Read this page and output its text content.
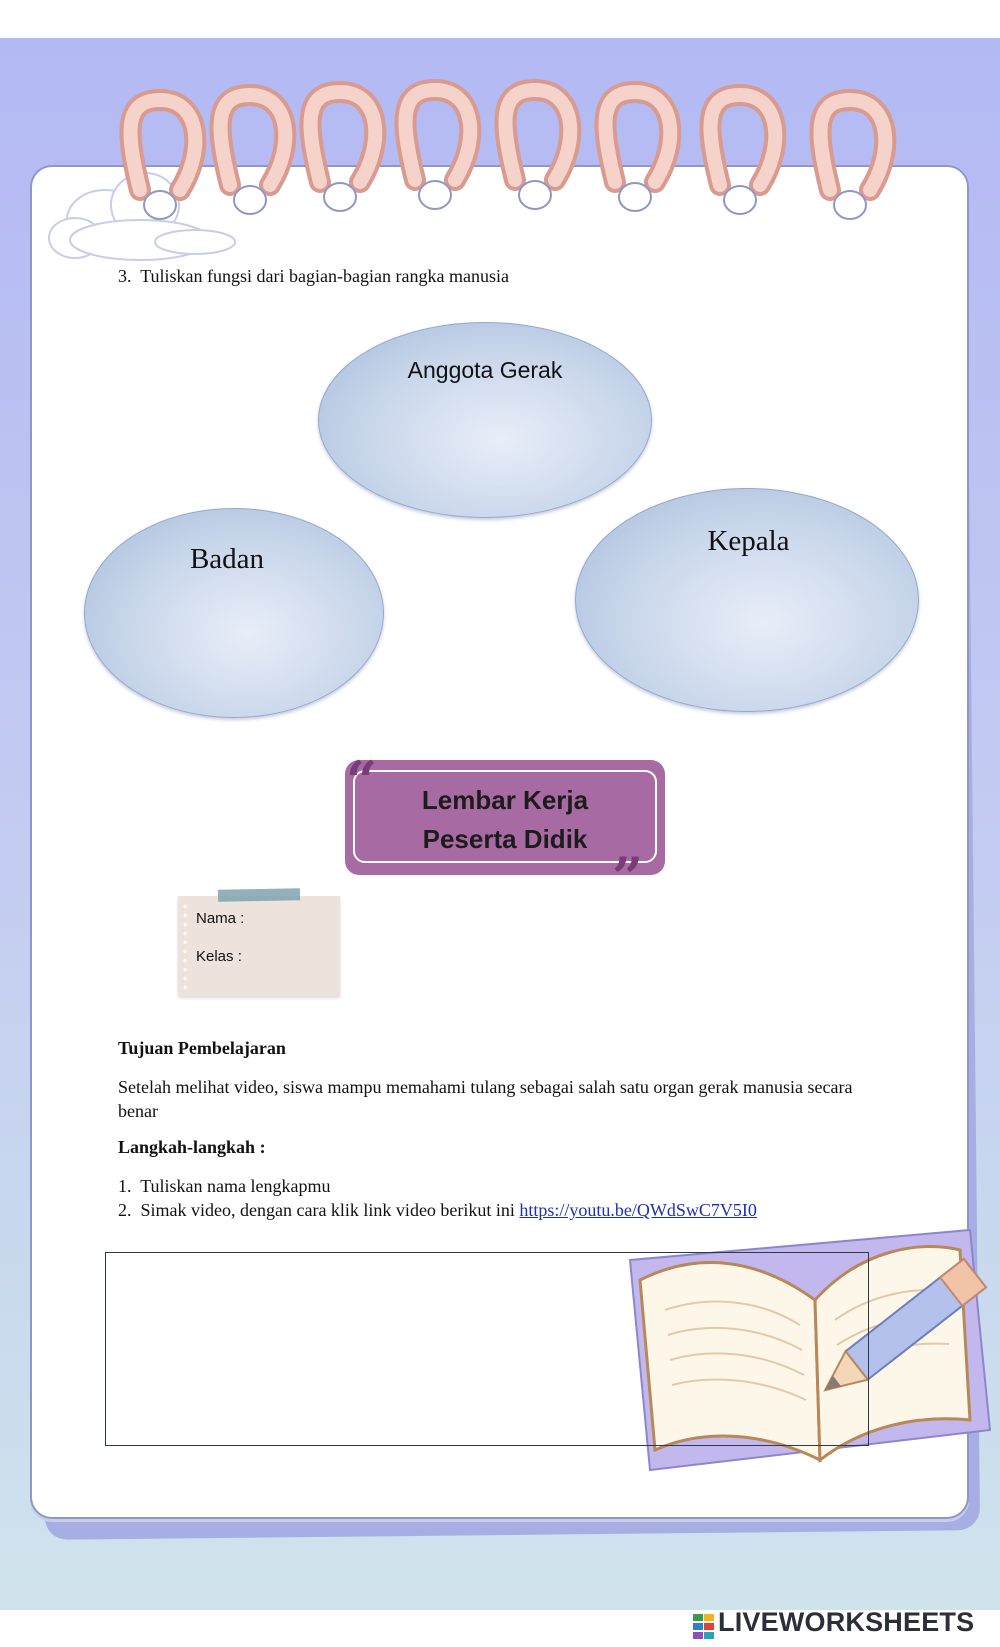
3. Tuliskan fungsi dari bagian-bagian rangka manusia
Anggota Gerak
Badan
Kepala
Lembar Kerja
Peserta Didik
“
”
Nama :
Kelas :
Tujuan Pembelajaran
Setelah melihat video, siswa mampu memahami tulang sebagai salah satu organ gerak manusia secara benar
Langkah-langkah :
1. Tuliskan nama lengkapmu
2. Simak video, dengan cara klik link video berikut ini https://youtu.be/QWdSwC7V5I0
LIVEWORKSHEETS
